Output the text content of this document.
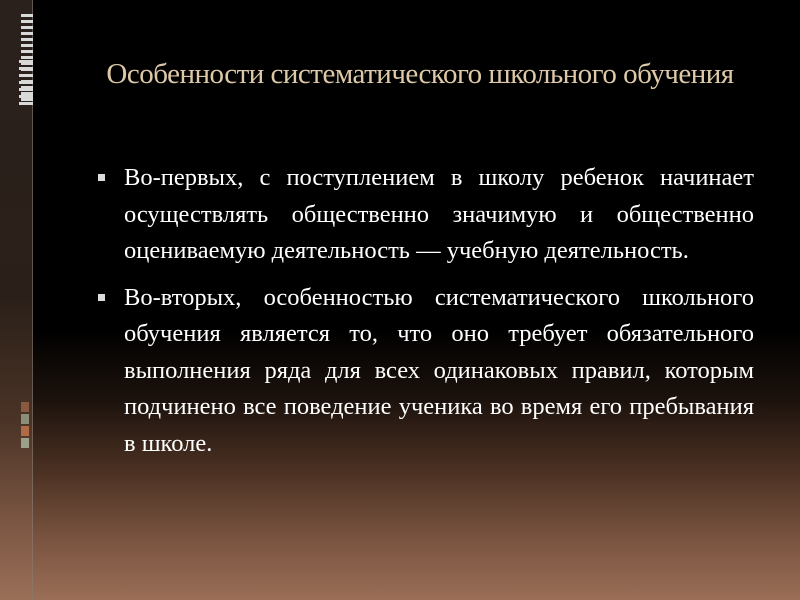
Особенности систематического школьного обучения
Во-первых, с поступлением в школу ребенок начинает осуществлять общественно значимую и общественно оцениваемую деятельность — учебную деятельность.
Во-вторых, особенностью систематического школьного обучения является то, что оно требует обязательного выполнения ряда для всех одинаковых правил, которым подчинено все поведение ученика во время его пребывания в школе.
